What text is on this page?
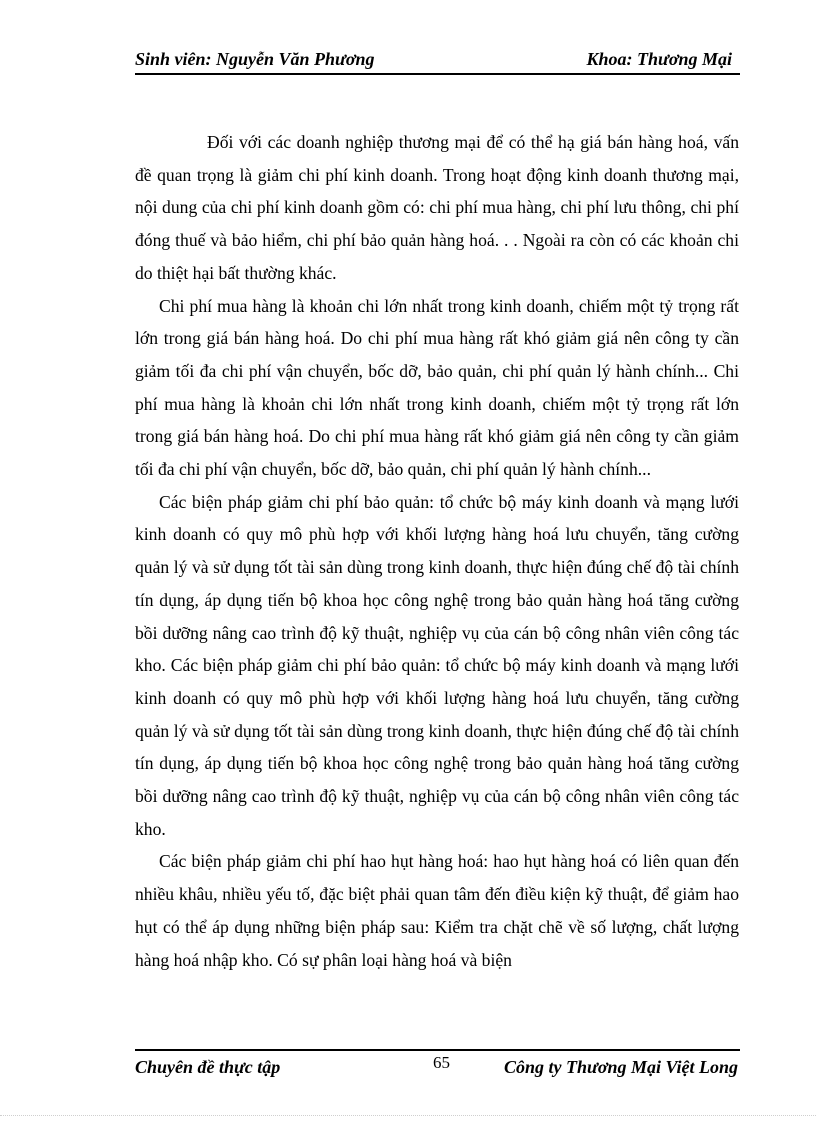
Sinh viên: Nguyễn Văn Phương	Khoa: Thương Mại

Đối với các doanh nghiệp thương mại để có thể hạ giá bán hàng hoá, vấn đề quan trọng là giảm chi phí kinh doanh. Trong hoạt động kinh doanh thương mại, nội dung của chi phí kinh doanh gồm có: chi phí mua hàng, chi phí lưu thông, chi phí đóng thuế và bảo hiểm, chi phí bảo quản hàng hoá. . . Ngoài ra còn có các khoản chi do thiệt hại bất thường khác.

Chi phí mua hàng là khoản chi lớn nhất trong kinh doanh, chiếm một tỷ trọng rất lớn trong giá bán hàng hoá. Do chi phí mua hàng rất khó giảm giá nên công ty cần giảm tối đa chi phí vận chuyển, bốc dỡ, bảo quản, chi phí quản lý hành chính... Chi phí mua hàng là khoản chi lớn nhất trong kinh doanh, chiếm một tỷ trọng rất lớn trong giá bán hàng hoá. Do chi phí mua hàng rất khó giảm giá nên công ty cần giảm tối đa chi phí vận chuyển, bốc dỡ, bảo quản, chi phí quản lý hành chính...

Các biện pháp giảm chi phí bảo quản: tổ chức bộ máy kinh doanh và mạng lưới kinh doanh có quy mô phù hợp với khối lượng hàng hoá lưu chuyển, tăng cường quản lý và sử dụng tốt tài sản dùng trong kinh doanh, thực hiện đúng chế độ tài chính tín dụng, áp dụng tiến bộ khoa học công nghệ trong bảo quản hàng hoá tăng cường bồi dưỡng nâng cao trình độ kỹ thuật, nghiệp vụ của cán bộ công nhân viên công tác kho. Các biện pháp giảm chi phí bảo quản: tổ chức bộ máy kinh doanh và mạng lưới kinh doanh có quy mô phù hợp với khối lượng hàng hoá lưu chuyển, tăng cường quản lý và sử dụng tốt tài sản dùng trong kinh doanh, thực hiện đúng chế độ tài chính tín dụng, áp dụng tiến bộ khoa học công nghệ trong bảo quản hàng hoá tăng cường bồi dưỡng nâng cao trình độ kỹ thuật, nghiệp vụ của cán bộ công nhân viên công tác kho.

Các biện pháp giảm chi phí hao hụt hàng hoá: hao hụt hàng hoá có liên quan đến nhiều khâu, nhiều yếu tố, đặc biệt phải quan tâm đến điều kiện kỹ thuật, để giảm hao hụt có thể áp dụng những biện pháp sau: Kiểm tra chặt chẽ về số lượng, chất lượng hàng hoá nhập kho. Có sự phân loại hàng hoá và biện

Chuyên đề thực tập	65	Công ty Thương Mại Việt Long
